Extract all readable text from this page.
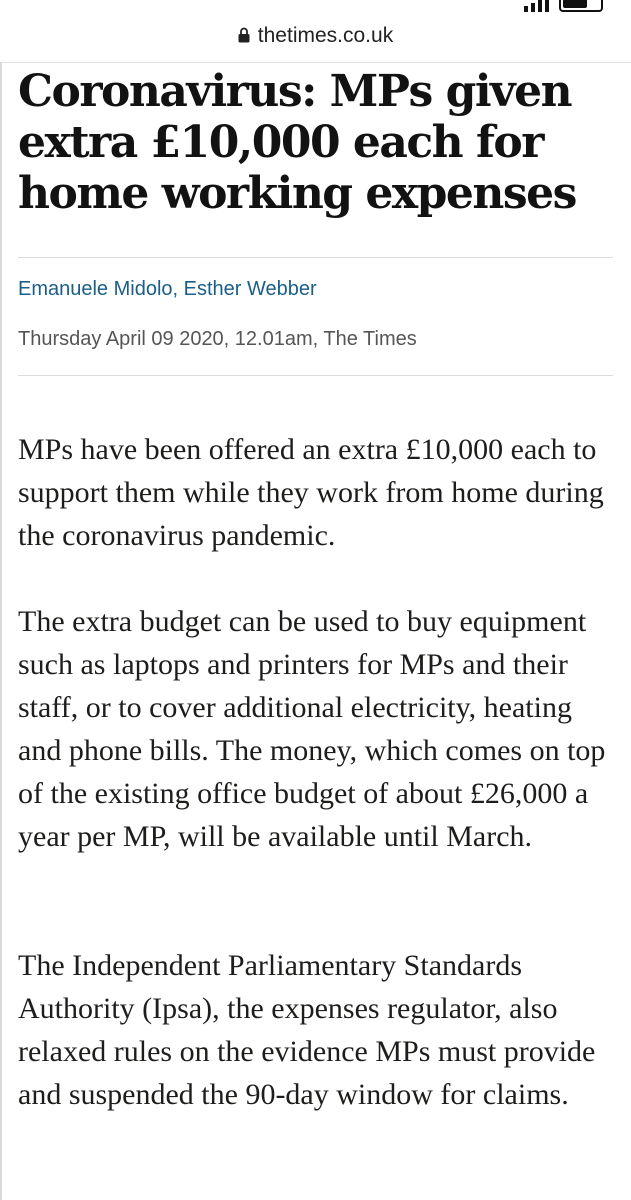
thetimes.co.uk
Coronavirus: MPs given extra £10,000 each for home working expenses
Emanuele Midolo, Esther Webber
Thursday April 09 2020, 12.01am, The Times

MPs have been offered an extra £10,000 each to support them while they work from home during the coronavirus pandemic.

The extra budget can be used to buy equipment such as laptops and printers for MPs and their staff, or to cover additional electricity, heating and phone bills. The money, which comes on top of the existing office budget of about £26,000 a year per MP, will be available until March.

The Independent Parliamentary Standards Authority (Ipsa), the expenses regulator, also relaxed rules on the evidence MPs must provide and suspended the 90-day window for claims.
